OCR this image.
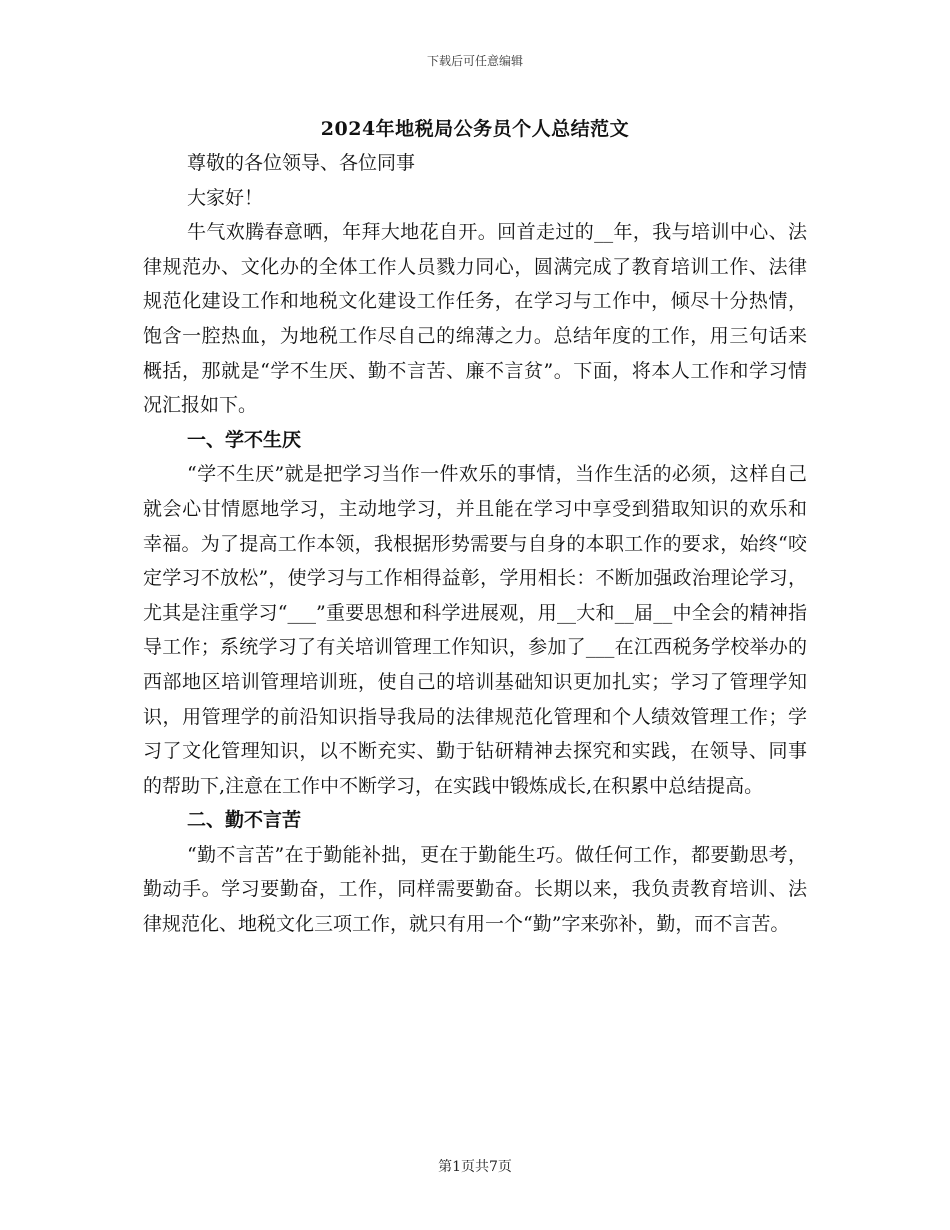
下载后可任意编辑
2024年地税局公务员个人总结范文

尊敬的各位领导、各位同事

大家好！

牛气欢腾春意晒，年拜大地花自开。回首走过的__年，我与培训中心、法律规范办、文化办的全体工作人员戮力同心，圆满完成了教育培训工作、法律规范化建设工作和地税文化建设工作任务，在学习与工作中，倾尽十分热情，饱含一腔热血，为地税工作尽自己的绵薄之力。总结年度的工作，用三句话来概括，那就是“学不生厌、勤不言苦、廉不言贫”。下面，将本人工作和学习情况汇报如下。

一、学不生厌

“学不生厌”就是把学习当作一件欢乐的事情，当作生活的必须，这样自己就会心甘情愿地学习，主动地学习，并且能在学习中享受到猎取知识的欢乐和幸福。为了提高工作本领，我根据形势需要与自身的本职工作的要求，始终“咬定学习不放松”，使学习与工作相得益彰，学用相长：不断加强政治理论学习，尤其是注重学习“___”重要思想和科学进展观，用__大和__届__中全会的精神指导工作；系统学习了有关培训管理工作知识，参加了___在江西税务学校举办的西部地区培训管理培训班，使自己的培训基础知识更加扎实；学习了管理学知识，用管理学的前沿知识指导我局的法律规范化管理和个人绩效管理工作；学习了文化管理知识，以不断充实、勤于钻研精神去探究和实践，在领导、同事的帮助下,注意在工作中不断学习，在实践中锻炼成长,在积累中总结提高。

二、勤不言苦

“勤不言苦”在于勤能补拙，更在于勤能生巧。做任何工作，都要勤思考，勤动手。学习要勤奋，工作，同样需要勤奋。长期以来，我负责教育培训、法律规范化、地税文化三项工作，就只有用一个“勤”字来弥补，勤，而不言苦。

第1页共7页
